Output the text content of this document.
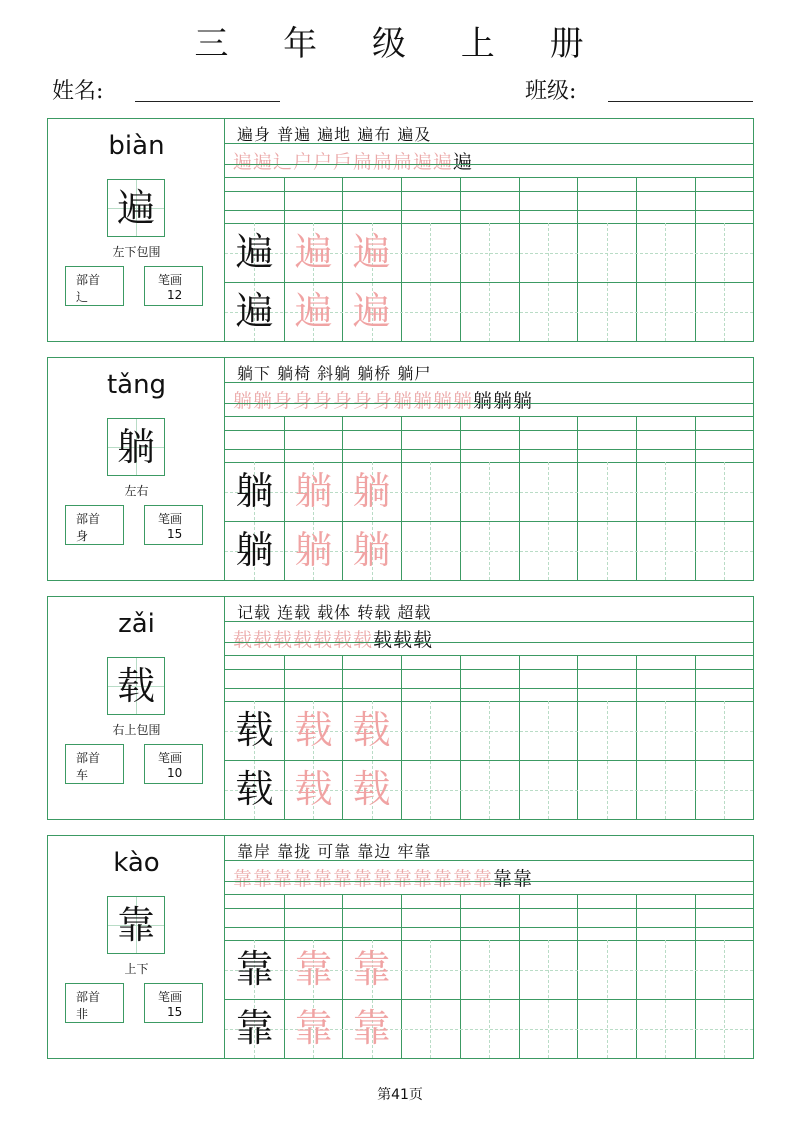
三 年 级 上 册
姓名:	班级:
biàn
遍
左下包围
部首
辶
笔画
12
遍身 普遍 遍地 遍布 遍及
遍遍辶户户戶扁扁扁遍遍遍
遍 遍 遍
遍 遍 遍
tǎng
躺
左右
部首
身
笔画
15
躺下 躺椅 斜躺 躺桥 躺尸
躺躺身身身身身身躺躺躺躺躺躺躺
躺 躺 躺
躺 躺 躺
zǎi
载
右上包围
部首
车
笔画
10
记载 连载 载体 转载 超载
载载载载载载载载载载
载 载 载
载 载 载
kào
靠
上下
部首
非
笔画
15
靠岸 靠拢 可靠 靠边 牢靠
靠靠靠靠靠靠靠靠靠靠靠靠靠靠靠
靠 靠 靠
靠 靠 靠
第41页
